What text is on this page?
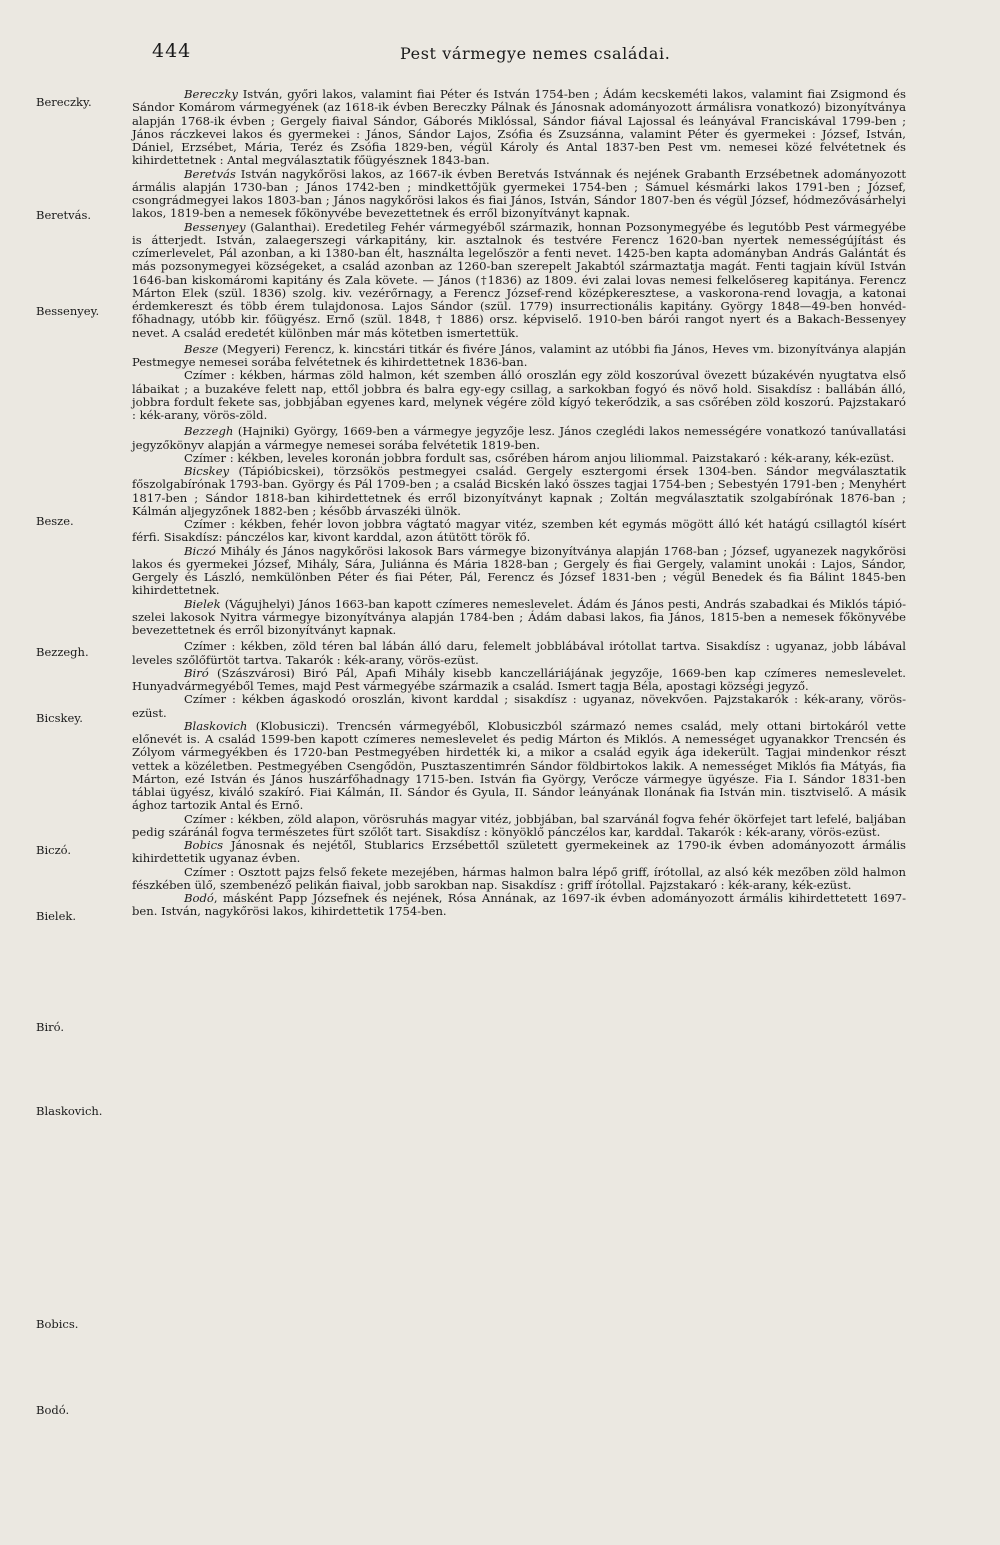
444	Pest vármegye nemes családai.
Bereczky.
Beretvás.
Bessenyey.
Besze.
Bezzegh.
Bicskey.
Biczó.
Bielek.
Biró.
Blaskovich.
Bobics.
Bodó.

Bereczky István, győri lakos, valamint fiai Péter és István 1754-ben ; Ádám kecskeméti lakos, valamint fiai Zsigmond és Sándor Komárom vármegyének (az 1618-ik évben Bereczky Pálnak és Jánosnak adományozott ármálisra vonatkozó) bizonyítványa alapján 1768-ik évben ; Gergely fiaival Sándor, Gáborés Miklóssal, Sándor fiával Lajossal és leányával Franciskával 1799-ben ; János ráczkevei lakos és gyermekei : János, Sándor Lajos, Zsófia és Zsuzsánna, valamint Péter és gyermekei : József, István, Dániel, Erzsébet, Mária, Teréz és Zsófia 1829-ben, végül Károly és Antal 1837-ben Pest vm. nemesei közé felvétetnek és kihirdettetnek : Antal megválasztatik főügyésznek 1843-ban.

Beretvás István nagykőrösi lakos, az 1667-ik évben Beretvás Istvánnak és nejének Grabanth Erzsébetnek adományozott ármális alapján 1730-ban ; János 1742-ben ; mindkettőjük gyermekei 1754-ben ; Sámuel késmárki lakos 1791-ben ; József, csongrádmegyei lakos 1803-ban ; János nagykőrösi lakos és fiai János, István, Sándor 1807-ben és végül József, hódmezővásárhelyi lakos, 1819-ben a nemesek főkönyvébe bevezettetnek és erről bizonyítványt kapnak.

Bessenyey (Galanthai). Eredetileg Fehér vármegyéből származik, honnan Pozsonymegyébe és legutóbb Pest vármegyébe is átterjedt. István, zalaegerszegi várkapitány, kir. asztalnok és testvére Ferencz 1620-ban nyertek nemességújítást és czímerlevelet, Pál azonban, a ki 1380-ban élt, használta legelőször a fenti nevet. 1425-ben kapta adományban András Galántát és más pozsonymegyei községeket, a család azonban az 1260-ban szerepelt Jakabtól származtatja magát. Fenti tagjain kívül István 1646-ban kiskomáromi kapitány és Zala követe. — János (†1836) az 1809. évi zalai lovas nemesi felkelősereg kapitánya. Ferencz Márton Elek (szül. 1836) szolg. kiv. vezérőrnagy, a Ferencz József-rend középkeresztese, a vaskorona-rend lovagja, a katonai érdemkereszt és több érem tulajdonosa. Lajos Sándor (szül. 1779) insurrectionális kapitány. György 1848—49-ben honvéd-főhadnagy, utóbb kir. főügyész. Ernő (szül. 1848, † 1886) orsz. képviselő. 1910-ben bárói rangot nyert és a Bakach-Bessenyey nevet. A család eredetét különben már más kötetben ismertettük.

Besze (Megyeri) Ferencz, k. kincstári titkár és fivére János, valamint az utóbbi fia János, Heves vm. bizonyítványa alapján Pestmegye nemesei sorába felvétetnek és kihirdettetnek 1836-ban.

Czímer : kékben, hármas zöld halmon, két szemben álló oroszlán egy zöld koszorúval övezett búzakévén nyugtatva első lábaikat ; a buzakéve felett nap, ettől jobbra és balra egy-egy csillag, a sarkokban fogyó és növő hold. Sisakdísz : ballábán álló, jobbra fordult fekete sas, jobbjában egyenes kard, melynek végére zöld kígyó tekerődzik, a sas csőrében zöld koszorú. Pajzstakaró : kék-arany, vörös-zöld.

Bezzegh (Hajniki) György, 1669-ben a vármegye jegyzője lesz. János czeglédi lakos nemességére vonatkozó tanúvallatási jegyzőkönyv alapján a vármegye nemesei sorába felvétetik 1819-ben.

Czímer : kékben, leveles koronán jobbra fordult sas, csőrében három anjou liliommal. Paizstakaró : kék-arany, kék-ezüst.

Bicskey (Tápióbicskei), törzsökös pestmegyei család. Gergely esztergomi érsek 1304-ben. Sándor megválasztatik főszolgabírónak 1793-ban. György és Pál 1709-ben ; a család Bicskén lakó összes tagjai 1754-ben ; Sebestyén 1791-ben ; Menyhért 1817-ben ; Sándor 1818-ban kihirdettetnek és erről bizonyítványt kapnak ; Zoltán megválasztatik szolgabírónak 1876-ban ; Kálmán aljegyzőnek 1882-ben ; később árvaszéki ülnök.

Czímer : kékben, fehér lovon jobbra vágtató magyar vitéz, szemben két egymás mögött álló két hatágú csillagtól kísért férfi. Sisakdísz: pánczélos kar, kivont karddal, azon átütött török fő.

Biczó Mihály és János nagykőrösi lakosok Bars vármegye bizonyítványa alapján 1768-ban ; József, ugyanezek nagykőrösi lakos és gyermekei József, Mihály, Sára, Juliánna és Mária 1828-ban ; Gergely és fiai Gergely, valamint unokái : Lajos, Sándor, Gergely és László, nemkülönben Péter és fiai Péter, Pál, Ferencz és József 1831-ben ; végül Benedek és fia Bálint 1845-ben kihirdettetnek.

Bielek (Vágujhelyi) János 1663-ban kapott czímeres nemeslevelet. Ádám és János pesti, András szabadkai és Miklós tápió-szelei lakosok Nyitra vármegye bizonyítványa alapján 1784-ben ; Ádám dabasi lakos, fia János, 1815-ben a nemesek főkönyvébe bevezettetnek és erről bizonyítványt kapnak.

Czímer : kékben, zöld téren bal lábán álló daru, felemelt jobblábával irótollat tartva. Sisakdísz : ugyanaz, jobb lábával leveles szőlőfürtöt tartva. Takarók : kék-arany, vörös-ezüst.

Biró (Szászvárosi) Biró Pál, Apafi Mihály kisebb kanczelláriájának jegyzője, 1669-ben kap czímeres nemeslevelet. Hunyadvármegyéből Temes, majd Pest vármegyébe származik a család. Ismert tagja Béla, apostagi községi jegyző.

Czímer : kékben ágaskodó oroszlán, kivont karddal ; sisakdísz : ugyanaz, növekvően. Pajzstakarók : kék-arany, vörös-ezüst.

Blaskovich (Klobusiczi). Trencsén vármegyéből, Klobusiczból származó nemes család, mely ottani birtokáról vette előnevét is. A család 1599-ben kapott czímeres nemeslevelet és pedig Márton és Miklós. A nemességet ugyanakkor Trencsén és Zólyom vármegyékben és 1720-ban Pestmegyében hirdették ki, a mikor a család egyik ága idekerült. Tagjai mindenkor részt vettek a közéletben. Pestmegyében Csengődön, Pusztaszentimrén Sándor földbirtokos lakik. A nemességet Miklós fia Mátyás, fia Márton, ezé István és János huszárfőhadnagy 1715-ben. István fia György, Verőcze vármegye ügyésze. Fia I. Sándor 1831-ben táblai ügyész, kiváló szakíró. Fiai Kálmán, II. Sándor és Gyula, II. Sándor leányának Ilonának fia István min. tisztviselő. A másik ághoz tartozik Antal és Ernő.

Czímer : kékben, zöld alapon, vörösruhás magyar vitéz, jobbjában, bal szarvánál fogva fehér ökörfejet tart lefelé, baljában pedig száránál fogva természetes fürt szőlőt tart. Sisakdísz : könyöklő pánczélos kar, karddal. Takarók : kék-arany, vörös-ezüst.

Bobics Jánosnak és nejétől, Stublarics Erzsébettől született gyermekeinek az 1790-ik évben adományozott ármális kihirdettetik ugyanaz évben.

Czímer : Osztott pajzs felső fekete mezejében, hármas halmon balra lépő griff, írótollal, az alsó kék mezőben zöld halmon fészkében ülő, szembenéző pelikán fiaival, jobb sarokban nap. Sisakdísz : griff írótollal. Pajzstakaró : kék-arany, kék-ezüst.

Bodó, másként Papp Józsefnek és nejének, Rósa Annának, az 1697-ik évben adományozott ármális kihirdettetett 1697-ben. István, nagykőrösi lakos, kihirdettetik 1754-ben.
